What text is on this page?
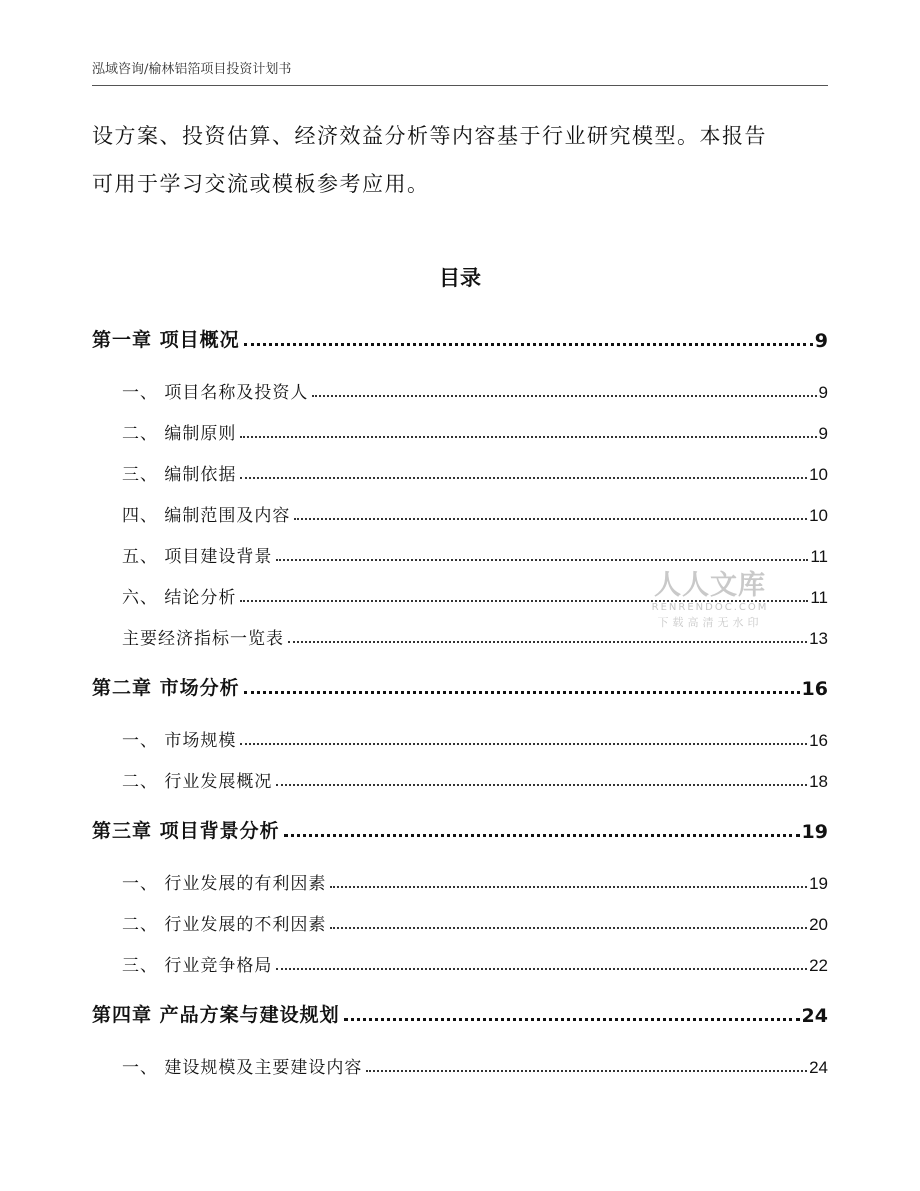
泓域咨询/榆林铝箔项目投资计划书

设方案、投资估算、经济效益分析等内容基于行业研究模型。本报告

可用于学习交流或模板参考应用。

目录
第一章 项目概况	9
一、 项目名称及投资人	9
二、 编制原则	9
三、 编制依据	10
四、 编制范围及内容	10
五、 项目建设背景	11
六、 结论分析	11
主要经济指标一览表	13
第二章 市场分析	16
一、 市场规模	16
二、 行业发展概况	18
第三章 项目背景分析	19
一、 行业发展的有利因素	19
二、 行业发展的不利因素	20
三、 行业竞争格局	22
第四章 产品方案与建设规划	24
一、 建设规模及主要建设内容	24
人人文库
RENRENDOC.COM
下载高清无水印
